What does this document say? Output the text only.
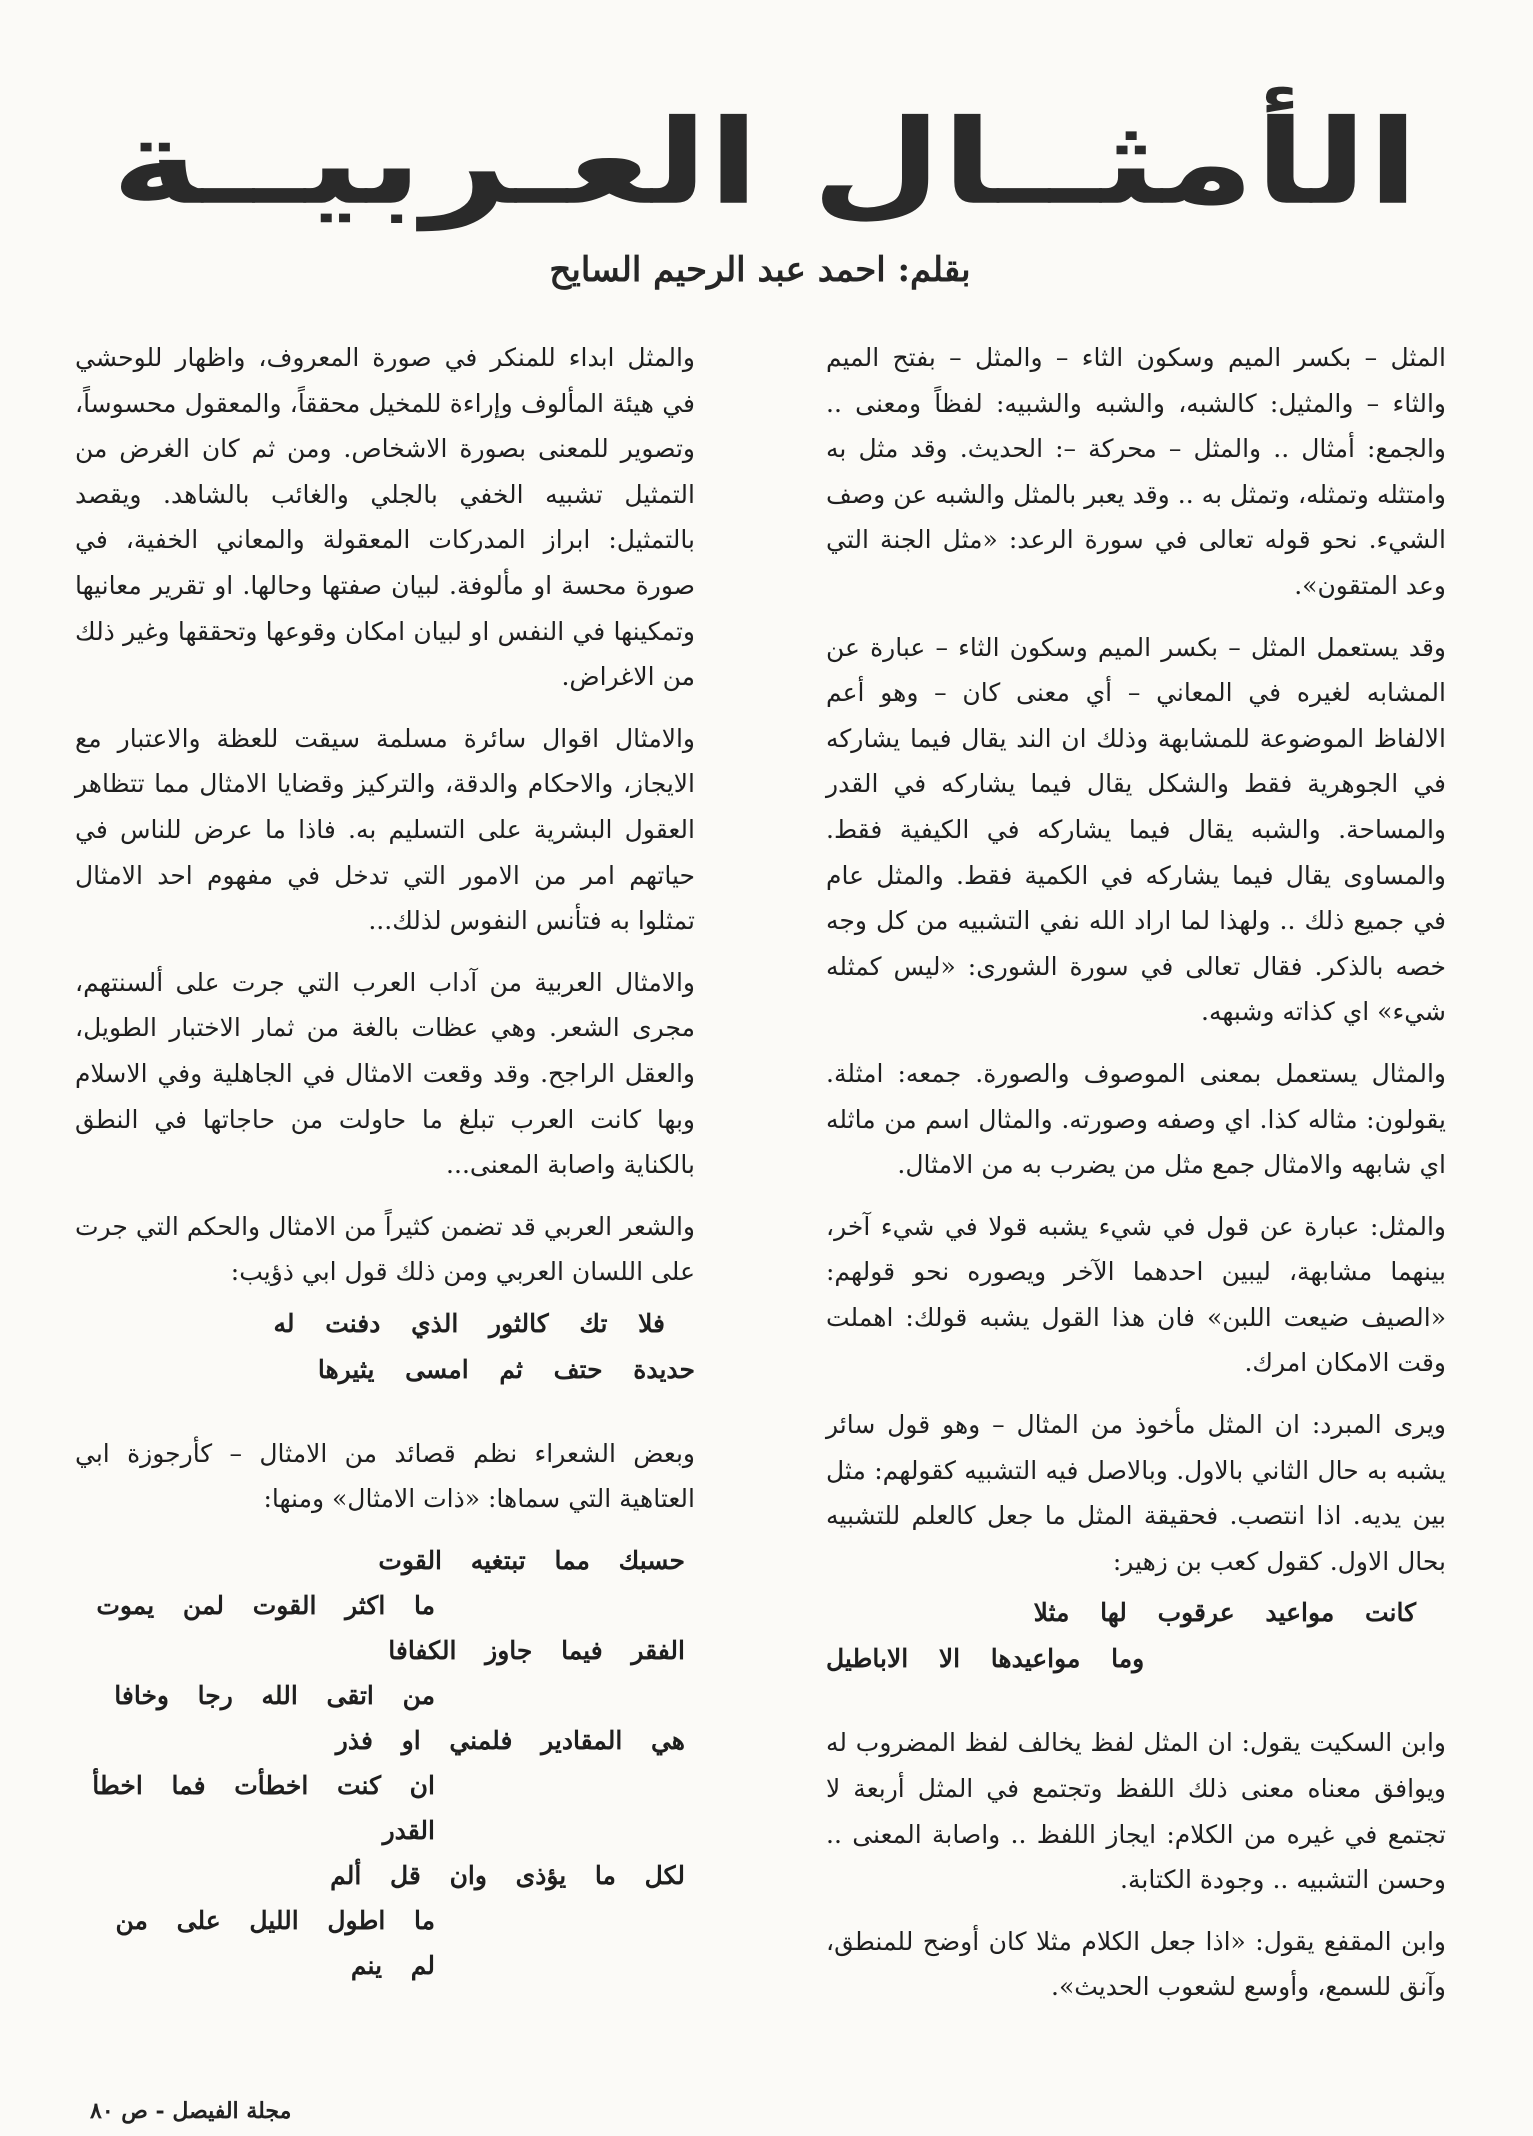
الأمثــال العـربيــة
بقلم: احمد عبد الرحيم السايح

المثل – بكسر الميم وسكون الثاء – والمثل – بفتح الميم والثاء – والمثيل: كالشبه، والشبه والشبيه: لفظاً ومعنى .. والجمع: أمثال .. والمثل – محركة –: الحديث. وقد مثل به وامتثله وتمثله، وتمثل به .. وقد يعبر بالمثل والشبه عن وصف الشيء. نحو قوله تعالى في سورة الرعد: «مثل الجنة التي وعد المتقون».

وقد يستعمل المثل – بكسر الميم وسكون الثاء – عبارة عن المشابه لغيره في المعاني – أي معنى كان – وهو أعم الالفاظ الموضوعة للمشابهة وذلك ان الند يقال فيما يشاركه في الجوهرية فقط والشكل يقال فيما يشاركه في القدر والمساحة. والشبه يقال فيما يشاركه في الكيفية فقط. والمساوى يقال فيما يشاركه في الكمية فقط. والمثل عام في جميع ذلك .. ولهذا لما اراد الله نفي التشبيه من كل وجه خصه بالذكر. فقال تعالى في سورة الشورى: «ليس كمثله شيء» اي كذاته وشبهه.

والمثال يستعمل بمعنى الموصوف والصورة. جمعه: امثلة. يقولون: مثاله كذا. اي وصفه وصورته. والمثال اسم من ماثله اي شابهه والامثال جمع مثل من يضرب به من الامثال.

والمثل: عبارة عن قول في شيء يشبه قولا في شيء آخر، بينهما مشابهة، ليبين احدهما الآخر ويصوره نحو قولهم: «الصيف ضيعت اللبن» فان هذا القول يشبه قولك: اهملت وقت الامكان امرك.

ويرى المبرد: ان المثل مأخوذ من المثال – وهو قول سائر يشبه به حال الثاني بالاول. وبالاصل فيه التشبيه كقولهم: مثل بين يديه. اذا انتصب. فحقيقة المثل ما جعل كالعلم للتشبيه بحال الاول. كقول كعب بن زهير:

كانت مواعيد عرقوب لها مثلا
وما مواعيدها الا الاباطيل

وابن السكيت يقول: ان المثل لفظ يخالف لفظ المضروب له ويوافق معناه معنى ذلك اللفظ وتجتمع في المثل أربعة لا تجتمع في غيره من الكلام: ايجاز اللفظ .. واصابة المعنى .. وحسن التشبيه .. وجودة الكتابة.

وابن المقفع يقول: «اذا جعل الكلام مثلا كان أوضح للمنطق، وآنق للسمع، وأوسع لشعوب الحديث».

والمثل ابداء للمنكر في صورة المعروف، واظهار للوحشي في هيئة المألوف وإراءة للمخيل محققاً، والمعقول محسوساً، وتصوير للمعنى بصورة الاشخاص. ومن ثم كان الغرض من التمثيل تشبيه الخفي بالجلي والغائب بالشاهد. ويقصد بالتمثيل: ابراز المدركات المعقولة والمعاني الخفية، في صورة محسة او مألوفة. لبيان صفتها وحالها. او تقرير معانيها وتمكينها في النفس او لبيان امكان وقوعها وتحققها وغير ذلك من الاغراض.

والامثال اقوال سائرة مسلمة سيقت للعظة والاعتبار مع الايجاز، والاحكام والدقة، والتركيز وقضايا الامثال مما تتظاهر العقول البشرية على التسليم به. فاذا ما عرض للناس في حياتهم امر من الامور التي تدخل في مفهوم احد الامثال تمثلوا به فتأنس النفوس لذلك...

والامثال العربية من آداب العرب التي جرت على ألسنتهم، مجرى الشعر. وهي عظات بالغة من ثمار الاختبار الطويل، والعقل الراجح. وقد وقعت الامثال في الجاهلية وفي الاسلام وبها كانت العرب تبلغ ما حاولت من حاجاتها في النطق بالكناية واصابة المعنى...

والشعر العربي قد تضمن كثيراً من الامثال والحكم التي جرت على اللسان العربي ومن ذلك قول ابي ذؤيب:

فلا تك كالثور الذي دفنت له
حديدة حتف ثم امسى يثيرها

وبعض الشعراء نظم قصائد من الامثال – كأرجوزة ابي العتاهية التي سماها: «ذات الامثال» ومنها:

حسبك مما تبتغيه القوت
ما اكثر القوت لمن يموت
الفقر فيما جاوز الكفافا
من اتقى الله رجا وخافا
هي المقادير فلمني او فذر
ان كنت اخطأت فما اخطأ القدر
لكل ما يؤذى وان قل ألم
ما اطول الليل على من لم ينم
مجلة الفيصل - ص ٨٠
